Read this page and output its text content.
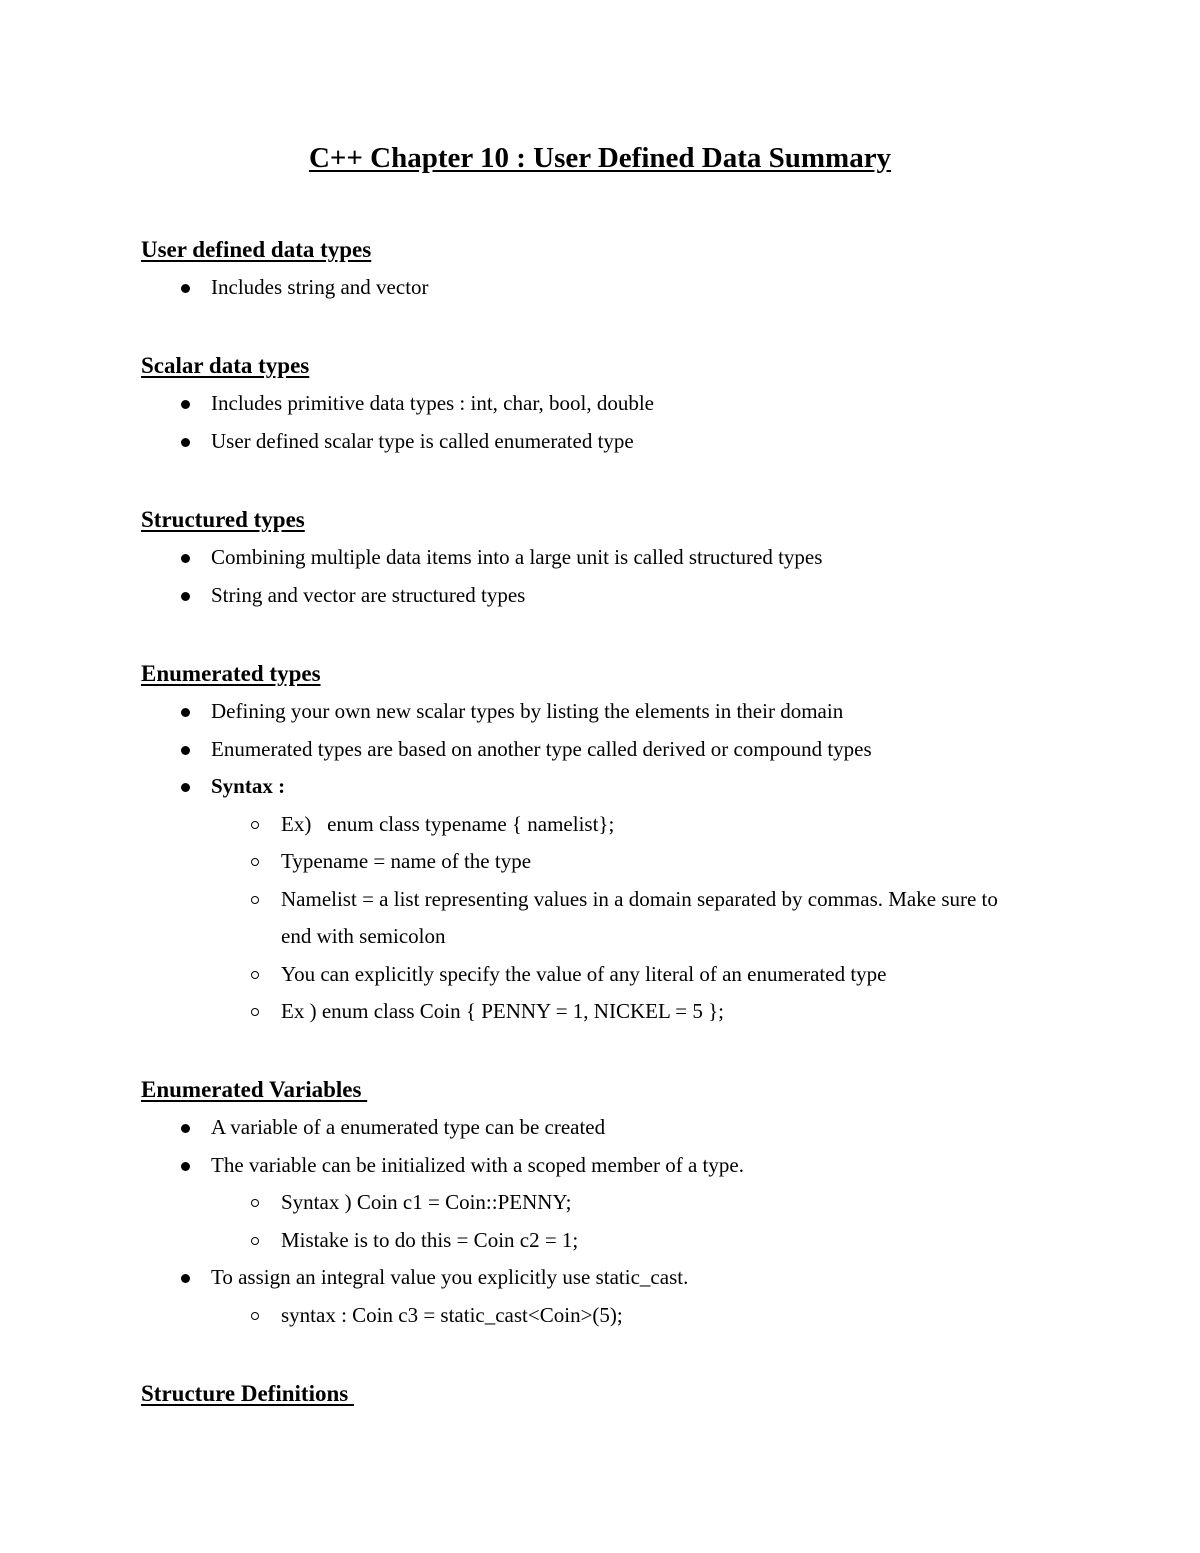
C++ Chapter 10 : User Defined Data Summary
User defined data types
Includes string and vector
Scalar data types
Includes primitive data types : int, char, bool, double
User defined scalar type is called enumerated type
Structured types
Combining multiple data items into a large unit is called structured types
String and vector are structured types
Enumerated types
Defining your own new scalar types by listing the elements in their domain
Enumerated types are based on another type called derived or compound types
Syntax :
Ex)   enum class typename { namelist};
Typename = name of the type
Namelist = a list representing values in a domain separated by commas. Make sure to end with semicolon
You can explicitly specify the value of any literal of an enumerated type
Ex ) enum class Coin { PENNY = 1, NICKEL = 5 };
Enumerated Variables
A variable of a enumerated type can be created
The variable can be initialized with a scoped member of a type.
Syntax ) Coin c1 = Coin::PENNY;
Mistake is to do this = Coin c2 = 1;
To assign an integral value you explicitly use static_cast.
syntax : Coin c3 = static_cast<Coin>(5);
Structure Definitions
